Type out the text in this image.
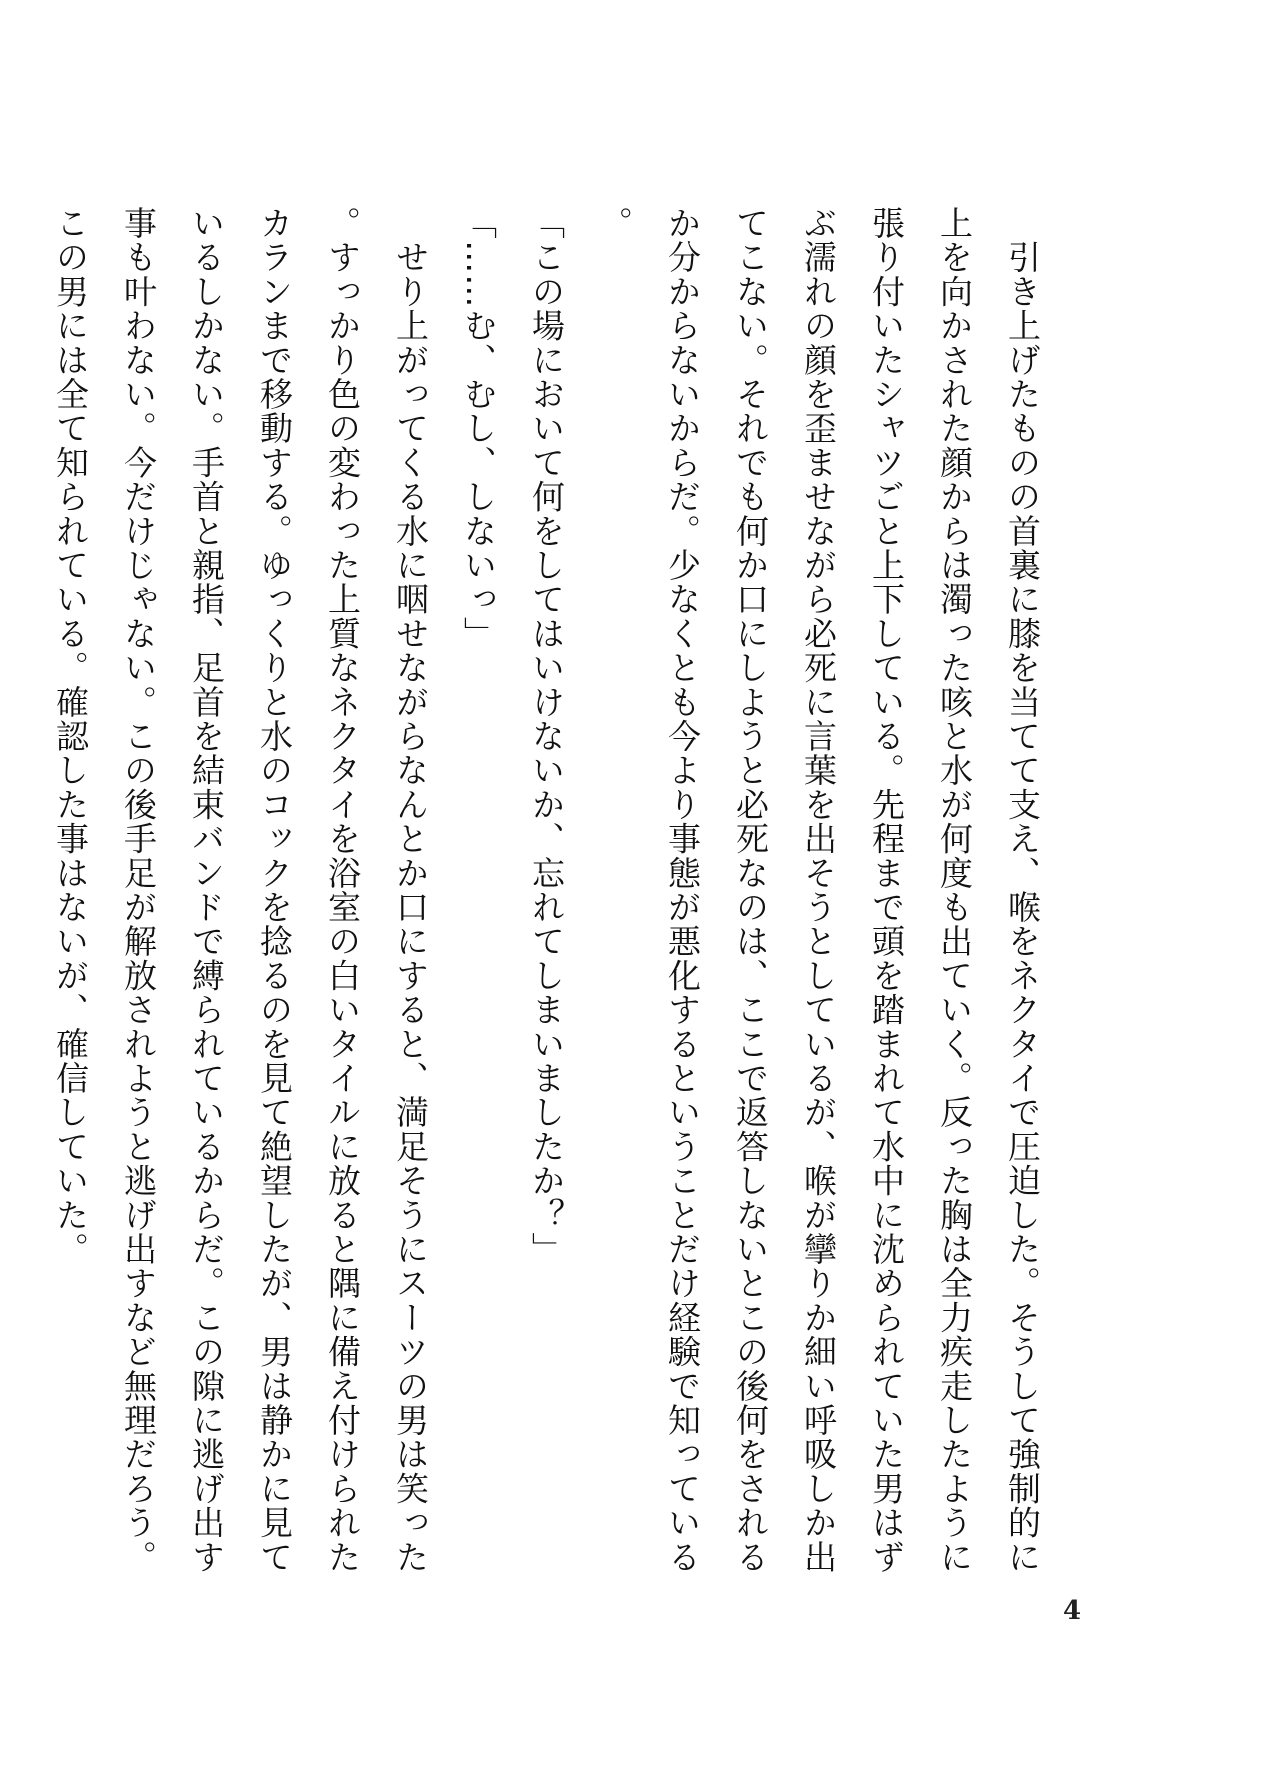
　引き上げたものの首裏に膝を当てて支え、喉をネクタイで圧迫した。そうして強制的に上を向かされた顔からは濁った咳と水が何度も出ていく。反った胸は全力疾走したように張り付いたシャツごと上下している。先程まで頭を踏まれて水中に沈められていた男はずぶ濡れの顔を歪ませながら必死に言葉を出そうとしているが、喉が攣りか細い呼吸しか出てこない。それでも何か口にしようと必死なのは、ここで返答しないとこの後何をされるか分からないからだ。少なくとも今より事態が悪化するということだけ経験で知っている。

「この場において何をしてはいけないか、忘れてしまいましたか？」

「……む、むし、しないっ」

　せり上がってくる水に咽せながらなんとか口にすると、満足そうにスーツの男は笑った。すっかり色の変わった上質なネクタイを浴室の白いタイルに放ると隅に備え付けられたカランまで移動する。ゆっくりと水のコックを捻るのを見て絶望したが、男は静かに見ているしかない。手首と親指、足首を結束バンドで縛られているからだ。この隙に逃げ出す事も叶わない。今だけじゃない。この後手足が解放されようと逃げ出すなど無理だろう。この男には全て知られている。確認した事はないが、確信していた。

4
